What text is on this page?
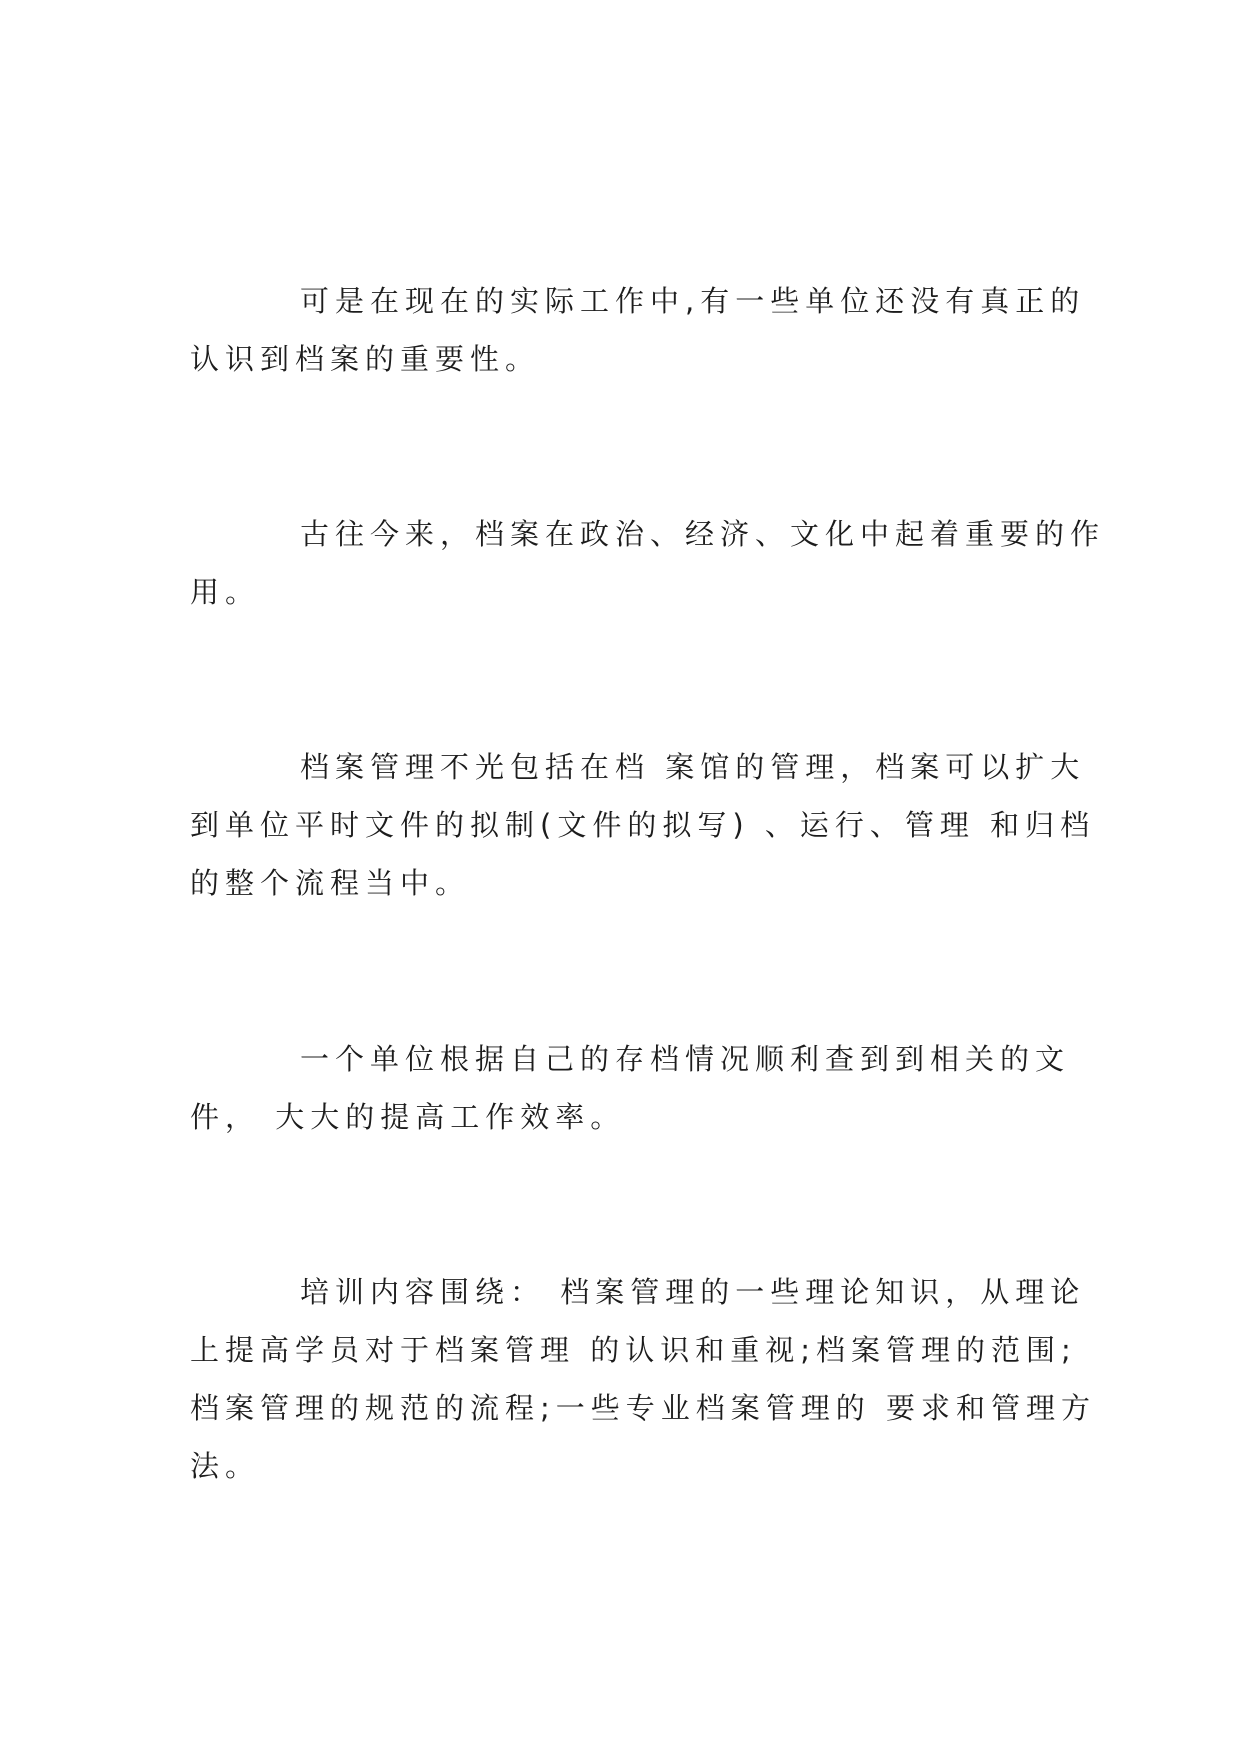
可是在现在的实际工作中,有一些单位还没有真正的
认识到档案的重要性。
古往今来，档案在政治、经济、文化中起着重要的作
用。
档案管理不光包括在档 案馆的管理，档案可以扩大
到单位平时文件的拟制(文件的拟写) 、运行、管理 和归档
的整个流程当中。
一个单位根据自己的存档情况顺利查到到相关的文
件， 大大的提高工作效率。
培训内容围绕： 档案管理的一些理论知识，从理论
上提高学员对于档案管理 的认识和重视;档案管理的范围;
档案管理的规范的流程;一些专业档案管理的 要求和管理方
法。
